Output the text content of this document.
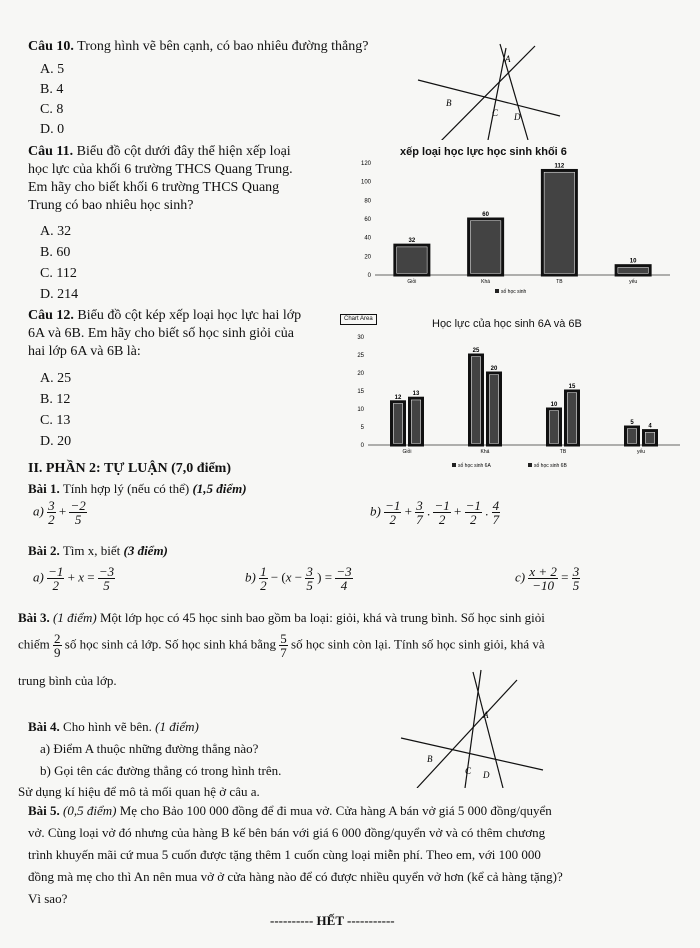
Câu 10. Trong hình vẽ bên cạnh, có bao nhiêu đường thẳng?
A. 5
B. 4
C. 8
D. 0
A
B
C D
Câu 11. Biểu đồ cột dưới đây thể hiện xếp loại
học lực của khối 6 trường THCS Quang Trung.
Em hãy cho biết khối 6 trường THCS Quang
Trung có bao nhiêu học sinh?
A. 32
B. 60
C. 112
D. 214
xếp loại học lực học sinh khối 6
0
20
40
60
80
100
120
32
Giỏi
60
Khá
112
TB
10
yếu
số học sinh
Câu 12. Biểu đồ cột kép xếp loại học lực hai lớp
6A và 6B. Em hãy cho biết số học sinh giỏi của
hai lớp 6A và 6B là:
A. 25
B. 12
C. 13
D. 20
Chart Area	Học lực của học sinh 6A và 6B
0
5
10
15
20
25
30
12
13
Giỏi
25
20
Khá
10
15
TB
5
4
yếu
số học sinh 6A	số học sinh 6B
II. PHẦN 2: TỰ LUẬN (7,0 điểm)
Bài 1. Tính hợp lý (nếu có thể) (1,5 điểm)
$a) \frac{3}{2} + \frac{-2}{5}$	$b) \frac{-1}{2} + \frac{3}{7}$ . $\frac{-1}{2} + \frac{-1}{2}$ . $\frac{4}{7}$
Bài 2. Tìm x, biết (3 điểm)
$a) \frac{-1}{2} + x = \frac{-3}{5}$	$b) \frac{1}{2} - (x - \frac{3}{5}$ ) = $\frac{-3}{4}$	$c) \frac{x + 2}{-10} = \frac{3}{5}$
Bài 3. (1 điểm) Một lớp học có 45 học sinh bao gồm ba loại: giỏi, khá và trung bình. Số học sinh giỏi
chiếm $\frac{2}{9}$ số học sinh cả lớp. Số học sinh khá bằng $\frac{5}{7}$ số học sinh còn lại. Tính số học sinh giỏi, khá và
trung bình của lớp.
A
B
C D
Bài 4. Cho hình vẽ bên. (1 điểm)
a) Điểm A thuộc những đường thẳng nào?
b) Gọi tên các đường thẳng có trong hình trên.
Sử dụng kí hiệu để mô tả mối quan hệ ở câu a.
Bài 5. (0,5 điểm) Mẹ cho Bảo 100 000 đồng để đi mua vở. Cửa hàng A bán vở giá 5 000 đồng/quyển
vở. Cùng loại vở đó nhưng của hàng B kế bên bán với giá 6 000 đồng/quyển vở và có thêm chương
trình khuyến mãi cứ mua 5 cuốn được tặng thêm 1 cuốn cùng loại miễn phí. Theo em, với 100 000
đồng mà mẹ cho thì An nên mua vở ở cửa hàng nào để có được nhiều quyển vở hơn (kể cả hàng tặng)?
Vì sao?
---------- HẾT -----------
